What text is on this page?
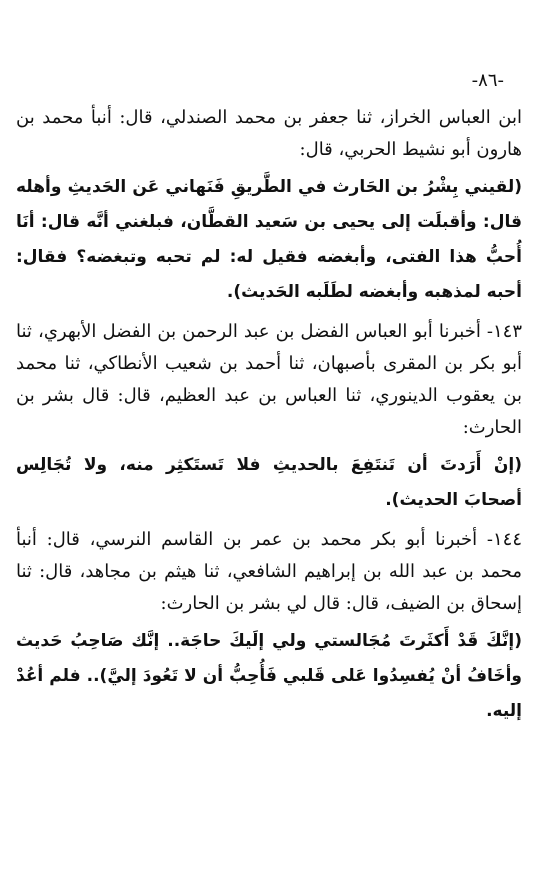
-٨٦-

ابن العباس الخراز، ثنا جعفر بن محمد الصندلي، قال: أنبأ محمد بن هارون أبو نشيط الحربي، قال:

(لقيني بِشْرُ بن الحَارث في الطَّريقِ فَنَهاني عَن الحَديثِ وأهله قال: وأقبلَت إلى يحيى بن سَعيد القطَّان، فبلغني أنَّه قال: أنَا أُحبُّ هذا الفتى، وأبغضه فقيل له: لم تحبه وتبغضه؟ فقال: أحبه لمذهبه وأبغضه لطَلَبه الحَديث).

١٤٣- أخبرنا أبو العباس الفضل بن عبد الرحمن بن الفضل الأبهري، ثنا أبو بكر بن المقرى بأصبهان، ثنا أحمد بن شعيب الأنطاكي، ثنا محمد بن يعقوب الدينوري، ثنا العباس بن عبد العظيم، قال: قال بشر بن الحارث:

(إنْ أَرَدتَ أن تَنتَفِعَ بالحديثِ فلا تَستَكثِر منه، ولا تُجَالِس أصحابَ الحديث).

١٤٤- أخبرنا أبو بكر محمد بن عمر بن القاسم النرسي، قال: أنبأ محمد بن عبد الله بن إبراهيم الشافعي، ثنا هيثم بن مجاهد، قال: ثنا إسحاق بن الضيف، قال: قال لي بشر بن الحارث:

(إنَّكَ قَدْ أَكثَرتَ مُجَالستي ولي إلَيكَ حاجَة.. إنَّك صَاحِبُ حَديث وأخَافُ أنْ يُفسِدُوا عَلى قَلبي فَأُحِبُّ أن لا تَعُودَ إليَّ).. فلم أعُدْ إليه.
